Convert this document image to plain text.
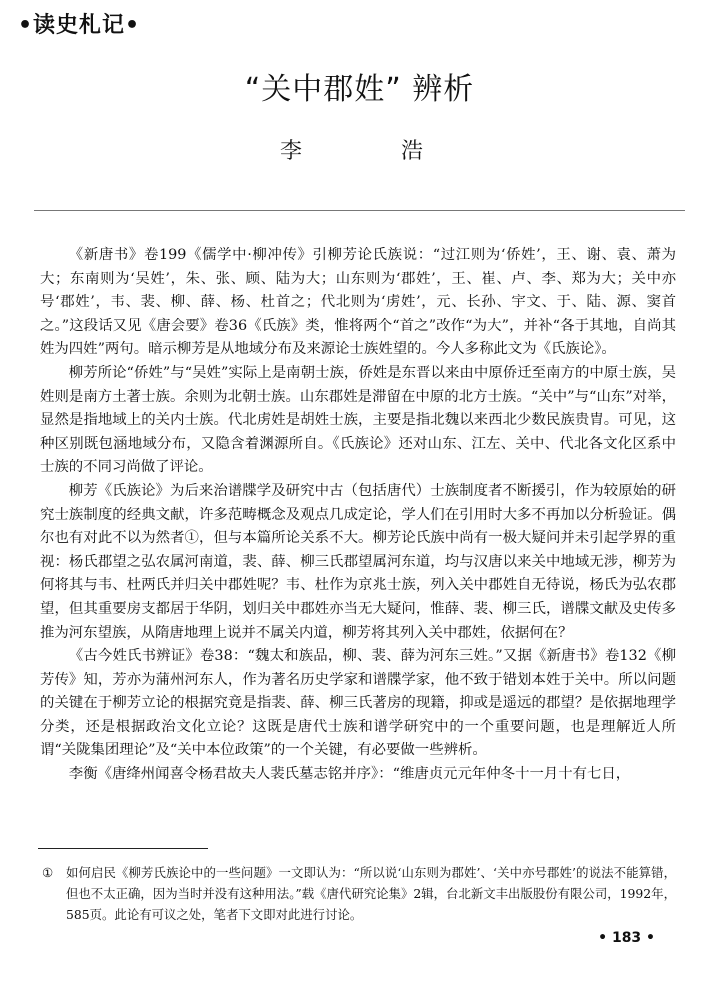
•读史札记•
“关中郡姓” 辨析
李 浩

《新唐书》卷199《儒学中·柳冲传》引柳芳论氏族说：“过江则为‘侨姓’，王、谢、袁、萧为大；东南则为‘吴姓’，朱、张、顾、陆为大；山东则为‘郡姓’，王、崔、卢、李、郑为大；关中亦号‘郡姓’，韦、裴、柳、薛、杨、杜首之；代北则为‘虏姓’，元、长孙、宇文、于、陆、源、窦首之。”这段话又见《唐会要》卷36《氏族》类，惟将两个“首之”改作“为大”，并补“各于其地，自尚其姓为四姓”两句。暗示柳芳是从地域分布及来源论士族姓望的。今人多称此文为《氏族论》。

柳芳所论“侨姓”与“吴姓”实际上是南朝士族，侨姓是东晋以来由中原侨迁至南方的中原士族，吴姓则是南方土著士族。余则为北朝士族。山东郡姓是滞留在中原的北方士族。“关中”与“山东”对举，显然是指地域上的关内士族。代北虏姓是胡姓士族，主要是指北魏以来西北少数民族贵胄。可见，这种区别既包涵地域分布，又隐含着渊源所自。《氏族论》还对山东、江左、关中、代北各文化区系中士族的不同习尚做了评论。

柳芳《氏族论》为后来治谱牒学及研究中古（包括唐代）士族制度者不断援引，作为较原始的研究士族制度的经典文献，许多范畴概念及观点几成定论，学人们在引用时大多不再加以分析验证。偶尔也有对此不以为然者①，但与本篇所论关系不大。柳芳论氏族中尚有一极大疑问并未引起学界的重视：杨氏郡望之弘农属河南道，裴、薛、柳三氏郡望属河东道，均与汉唐以来关中地域无涉，柳芳为何将其与韦、杜两氏并归关中郡姓呢？韦、杜作为京兆士族，列入关中郡姓自无待说，杨氏为弘农郡望，但其重要房支都居于华阴，划归关中郡姓亦当无大疑问，惟薛、裴、柳三氏，谱牒文献及史传多推为河东望族，从隋唐地理上说并不属关内道，柳芳将其列入关中郡姓，依据何在？

《古今姓氏书辨证》卷38：“魏太和族品，柳、裴、薛为河东三姓。”又据《新唐书》卷132《柳芳传》知，芳亦为蒲州河东人，作为著名历史学家和谱牒学家，他不致于错划本姓于关中。所以问题的关键在于柳芳立论的根据究竟是指裴、薛、柳三氏著房的现籍，抑或是遥远的郡望？是依据地理学分类，还是根据政治文化立论？这既是唐代士族和谱学研究中的一个重要问题，也是理解近人所谓“关陇集团理论”及“关中本位政策”的一个关键，有必要做一些辨析。

李衡《唐绛州闻喜令杨君故夫人裴氏墓志铭并序》：“维唐贞元元年仲冬十一月十有七日，

① 如何启民《柳芳氏族论中的一些问题》一文即认为：“所以说‘山东则为郡姓’、‘关中亦号郡姓’的说法不能算错，但也不太正确，因为当时并没有这种用法。”载《唐代研究论集》2辑，台北新文丰出版股份有限公司，1992年，585页。此论有可议之处，笔者下文即对此进行讨论。
• 183 •
